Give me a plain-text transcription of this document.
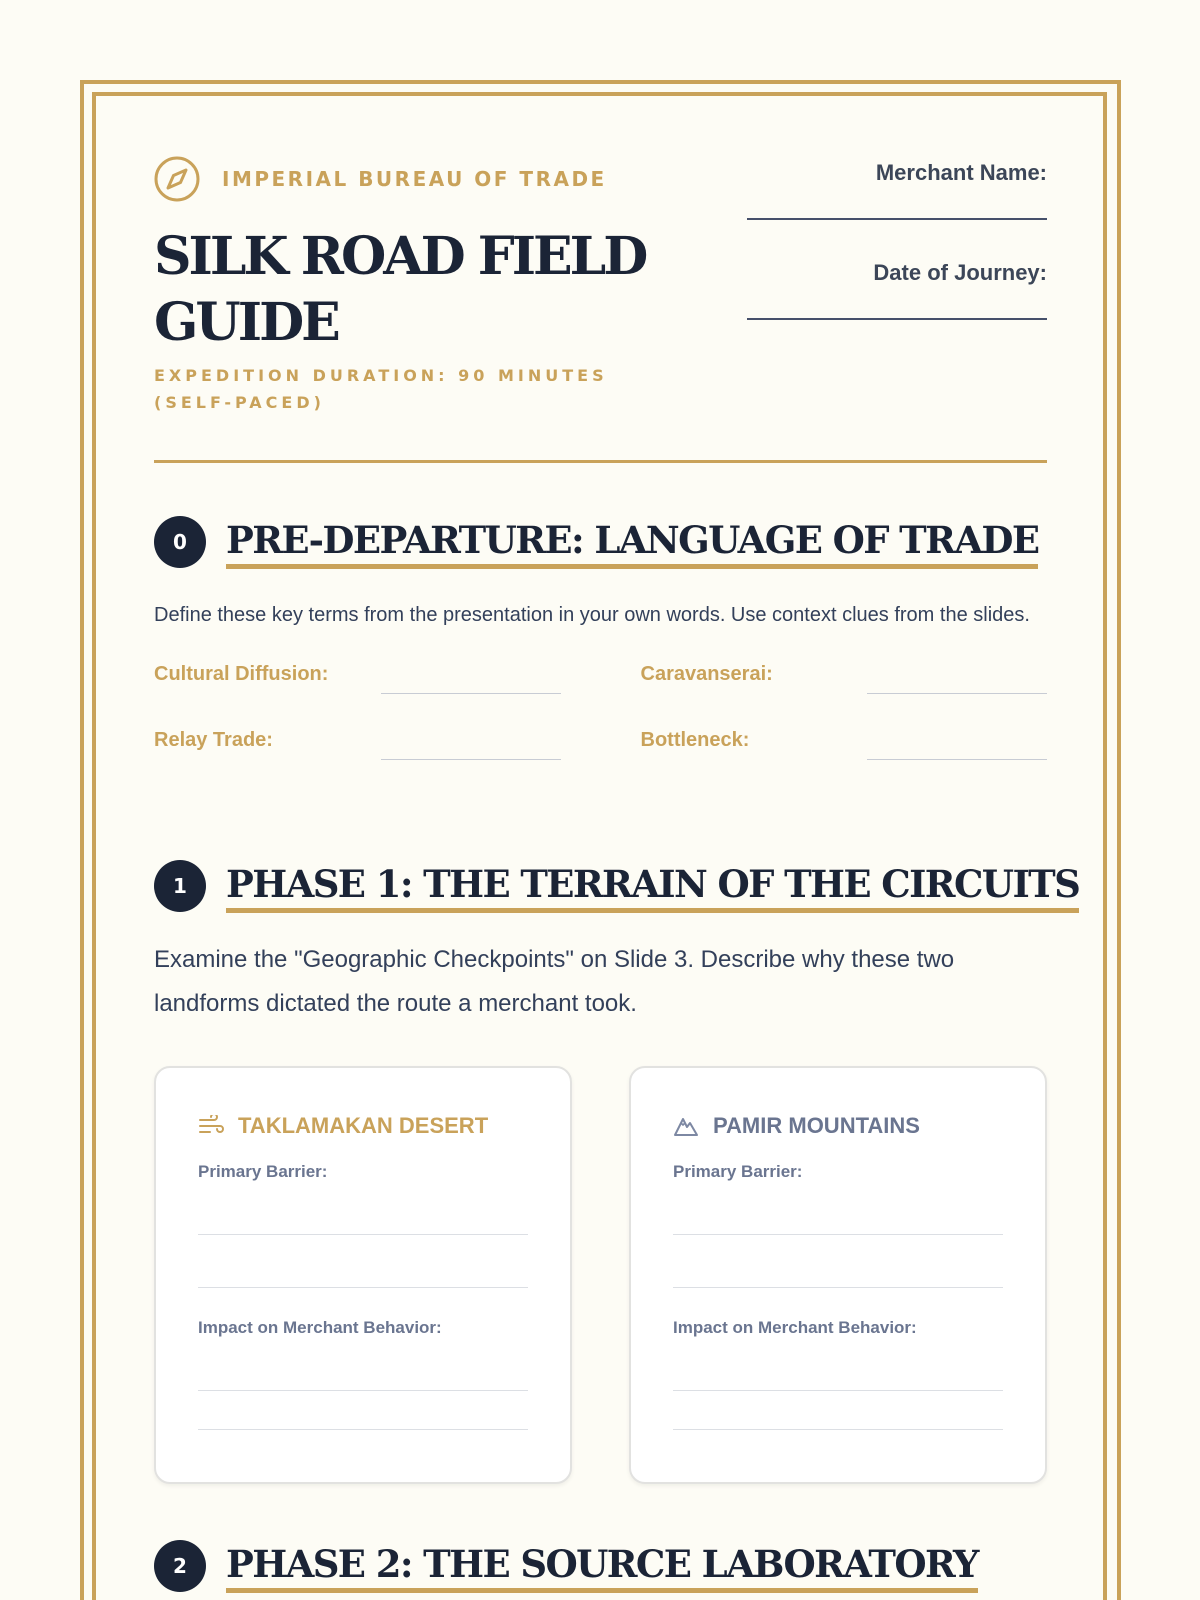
IMPERIAL BUREAU OF TRADE
SILK ROAD FIELD GUIDE
EXPEDITION DURATION: 90 MINUTES (SELF-PACED)
Merchant Name:
Date of Journey:
0	PRE-DEPARTURE: LANGUAGE OF TRADE
Define these key terms from the presentation in your own words. Use context clues from the slides.
Cultural Diffusion:	Caravanserai:
Relay Trade:	Bottleneck:
1	PHASE 1: THE TERRAIN OF THE CIRCUITS
Examine the "Geographic Checkpoints" on Slide 3. Describe why these two landforms dictated the route a merchant took.
TAKLAMAKAN DESERT
Primary Barrier:
Impact on Merchant Behavior:
PAMIR MOUNTAINS
Primary Barrier:
Impact on Merchant Behavior:
2	PHASE 2: THE SOURCE LABORATORY
